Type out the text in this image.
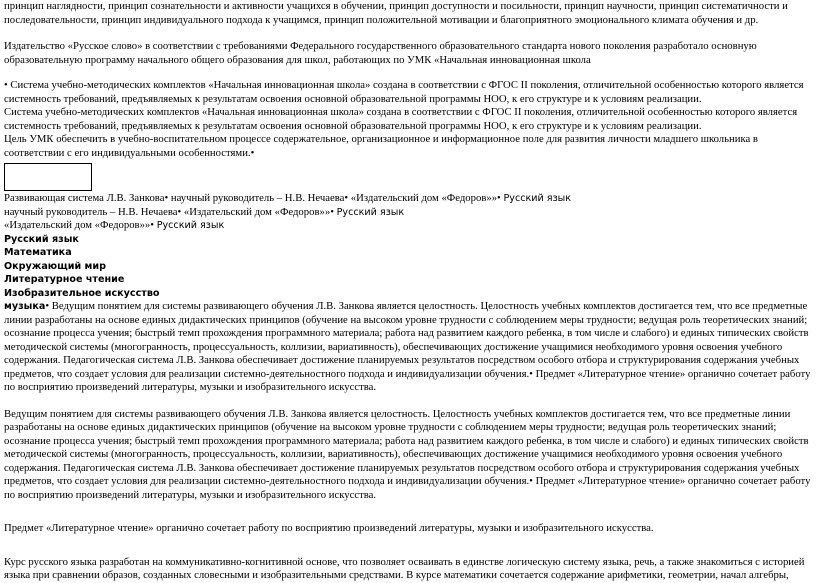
принцип наглядности, принцип сознательности и активности учащихся в обучении, принцип доступности и посильности, принцип научности, принцип систематичности и последовательности, принцип индивидуального подхода к учащимся, принцип положительной мотивации и благоприятного эмоционального климата обучения и др.

Издательство «Русское слово» в соответствии с требованиями Федерального государственного образовательного стандарта нового поколения разработало основную образовательную программу начального общего образования для школ, работающих по УМК «Начальная инновационная школа

• Система учебно-методических комплектов «Начальная инновационная школа» создана в соответствии с ФГОС II поколения, отличительной особенностью которого является системность требований, предъявляемых к результатам освоения основной образовательной программы НОО, к его структуре и к условиям реализации.

Система учебно-методических комплектов «Начальная инновационная школа» создана в соответствии с ФГОС II поколения, отличительной особенностью которого является системность требований, предъявляемых к результатам освоения основной образовательной программы НОО, к его структуре и к условиям реализации.

Цель УМК обеспечить в учебно-воспитательном процессе содержательное, организационное и информационное поле для развития личности младшего школьника в соответствии с его индивидуальными особенностями.•

Развивающая система Л.В. Занкова• научный руководитель – Н.В. Нечаева• «Издательский дом «Федоров»»• Русский язык

научный руководитель – Н.В. Нечаева• «Издательский дом «Федоров»»• Русский язык

«Издательский дом «Федоров»»• Русский язык

Русский язык

Математика

Окружающий мир

Литературное чтение

Изобразительное искусство

музыка• Ведущим понятием для системы развивающего обучения Л.В. Занкова является целостность. Целостность учебных комплектов достигается тем, что все предметные линии разработаны на основе единых дидактических принципов (обучение на высоком уровне трудности с соблюдением меры трудности; ведущая роль теоретических знаний; осознание процесса учения; быстрый темп прохождения программного материала; работа над развитием каждого ребенка, в том числе и слабого) и единых типических свойств методической системы (многогранность, процессуальность, коллизии, вариативность), обеспечивающих достижение учащимися необходимого уровня освоения учебного содержания. Педагогическая система Л.В. Занкова обеспечивает достижение планируемых результатов посредством особого отбора и структурирования содержания учебных предметов, что создает условия для реализации системно-деятельностного подхода и индивидуализации обучения.• Предмет «Литературное чтение» органично сочетает работу по восприятию произведений литературы, музыки и изобразительного искусства.

Ведущим понятием для системы развивающего обучения Л.В. Занкова является целостность. Целостность учебных комплектов достигается тем, что все предметные линии разработаны на основе единых дидактических принципов (обучение на высоком уровне трудности с соблюдением меры трудности; ведущая роль теоретических знаний; осознание процесса учения; быстрый темп прохождения программного материала; работа над развитием каждого ребенка, в том числе и слабого) и единых типических свойств методической системы (многогранность, процессуальность, коллизии, вариативность), обеспечивающих достижение учащимися необходимого уровня освоения учебного содержания. Педагогическая система Л.В. Занкова обеспечивает достижение планируемых результатов посредством особого отбора и структурирования содержания учебных предметов, что создает условия для реализации системно-деятельностного подхода и индивидуализации обучения.• Предмет «Литературное чтение» органично сочетает работу по восприятию произведений литературы, музыки и изобразительного искусства.

Предмет «Литературное чтение» органично сочетает работу по восприятию произведений литературы, музыки и изобразительного искусства.

Курс русского языка разработан на коммуникативно-когнитивной основе, что позволяет осваивать в единстве логическую систему языка, речь, а также знакомиться с историей языка при сравнении образов, созданных словесными и изобразительными средствами. В курсе математики сочетается содержание арифметики, геометрии, начал алгебры,
